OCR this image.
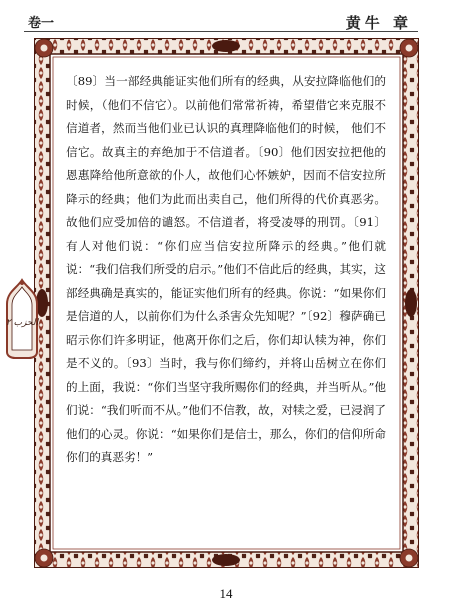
卷一	黄牛 章
الحزب ٢

〔89〕当一部经典能证实他们所有的经典，从安拉降临他们的时候，（他们不信它）。以前他们常常祈祷，希望借它来克服不信道者，然而当他们业已认识的真理降临他们的时候， 他们不信它。故真主的弃绝加于不信道者。〔90〕他们因安拉把他的恩惠降给他所意欲的仆人，故他们心怀嫉妒，因而不信安拉所降示的经典；他们为此而出卖自己，他们所得的代价真恶劣。故他们应受加倍的谴怒。不信道者，将受凌辱的刑罚。〔91〕有人对他们说：“你们应当信安拉所降示的经典。”他们就说：“我们信我们所受的启示。”他们不信此后的经典，其实，这部经典确是真实的，能证实他们所有的经典。你说：“如果你们是信道的人，以前你们为什么杀害众先知呢？”〔92〕穆萨确已昭示你们许多明证，他离开你们之后，你们却认犊为神，你们是不义的。〔93〕当时，我与你们缔约，并将山岳树立在你们的上面，我说：“你们当坚守我所赐你们的经典，并当听从。”他们说：“我们听而不从。”他们不信教，故，对犊之爱，已浸润了他们的心灵。你说：“如果你们是信士，那么，你们的信仰所命你们的真恶劣！”

14
